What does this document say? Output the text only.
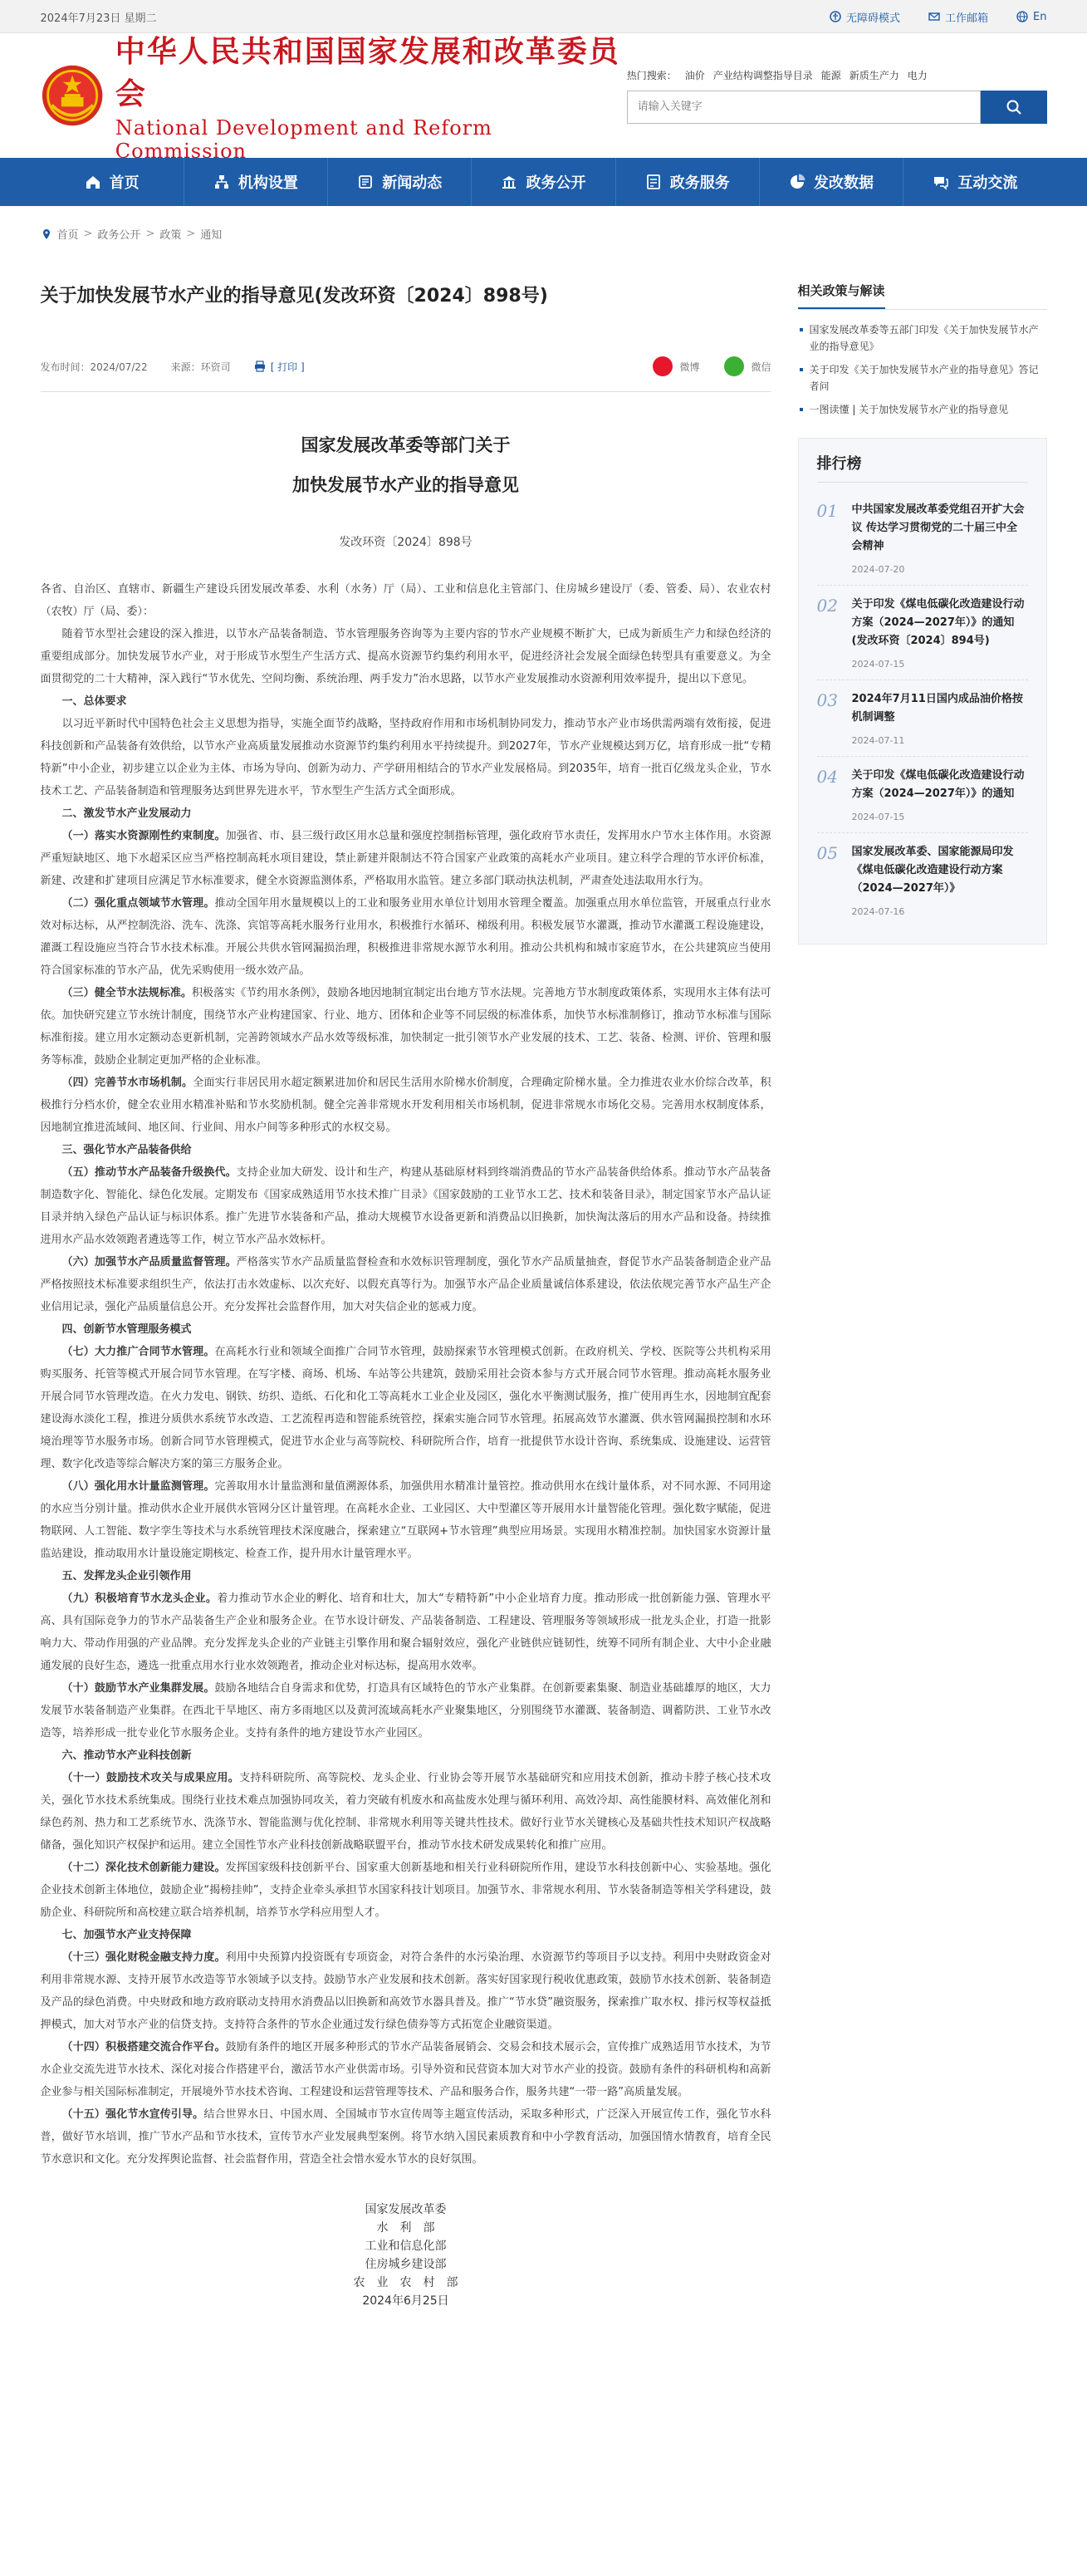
2024年7月23日 星期二	无障碍模式	工作邮箱	En
中华人民共和国国家发展和改革委员会
National Development and Reform Commission
热门搜索： 油价 产业结构调整指导目录 能源 新质生产力 电力
请输入关键字
首页	机构设置	新闻动态	政务公开	政务服务	发改数据	互动交流
首页 > 政务公开 > 政策 > 通知
关于加快发展节水产业的指导意见(发改环资〔2024〕898号)
发布时间：2024/07/22 来源：环资司	[ 打印 ]	微博	微信
国家发展改革委等部门关于
加快发展节水产业的指导意见
发改环资〔2024〕898号

各省、自治区、直辖市、新疆生产建设兵团发展改革委、水利（水务）厅（局）、工业和信息化主管部门、住房城乡建设厅（委、管委、局）、农业农村（农牧）厅（局、委）：

随着节水型社会建设的深入推进，以节水产品装备制造、节水管理服务咨询等为主要内容的节水产业规模不断扩大，已成为新质生产力和绿色经济的重要组成部分。加快发展节水产业，对于形成节水型生产生活方式、提高水资源节约集约利用水平，促进经济社会发展全面绿色转型具有重要意义。为全面贯彻党的二十大精神，深入践行“节水优先、空间均衡、系统治理、两手发力”治水思路，以节水产业发展推动水资源利用效率提升，提出以下意见。

一、总体要求

以习近平新时代中国特色社会主义思想为指导，实施全面节约战略，坚持政府作用和市场机制协同发力，推动节水产业市场供需两端有效衔接，促进科技创新和产品装备有效供给，以节水产业高质量发展推动水资源节约集约利用水平持续提升。到2027年，节水产业规模达到万亿，培育形成一批“专精特新”中小企业，初步建立以企业为主体、市场为导向、创新为动力、产学研用相结合的节水产业发展格局。到2035年，培育一批百亿级龙头企业，节水技术工艺、产品装备制造和管理服务达到世界先进水平，节水型生产生活方式全面形成。

二、激发节水产业发展动力

（一）落实水资源刚性约束制度。加强省、市、县三级行政区用水总量和强度控制指标管理，强化政府节水责任，发挥用水户节水主体作用。水资源严重短缺地区、地下水超采区应当严格控制高耗水项目建设，禁止新建并限制达不符合国家产业政策的高耗水产业项目。建立科学合理的节水评价标准，新建、改建和扩建项目应满足节水标准要求，健全水资源监测体系，严格取用水监管。建立多部门联动执法机制，严肃查处违法取用水行为。

（二）强化重点领域节水管理。推动全国年用水量规模以上的工业和服务业用水单位计划用水管理全覆盖。加强重点用水单位监管，开展重点行业水效对标达标，从严控制洗浴、洗车、洗涤、宾馆等高耗水服务行业用水，积极推行水循环、梯级利用。积极发展节水灌溉，推动节水灌溉工程设施建设，灌溉工程设施应当符合节水技术标准。开展公共供水管网漏损治理，积极推进非常规水源节水利用。推动公共机构和城市家庭节水，在公共建筑应当使用符合国家标准的节水产品，优先采购使用一级水效产品。

（三）健全节水法规标准。积极落实《节约用水条例》，鼓励各地因地制宜制定出台地方节水法规。完善地方节水制度政策体系，实现用水主体有法可依。加快研究建立节水统计制度，围绕节水产业构建国家、行业、地方、团体和企业等不同层级的标准体系，加快节水标准制修订，推动节水标准与国际标准衔接。建立用水定额动态更新机制，完善跨领域水产品水效等级标准，加快制定一批引领节水产业发展的技术、工艺、装备、检测、评价、管理和服务等标准，鼓励企业制定更加严格的企业标准。

（四）完善节水市场机制。全面实行非居民用水超定额累进加价和居民生活用水阶梯水价制度，合理确定阶梯水量。全力推进农业水价综合改革，积极推行分档水价，健全农业用水精准补贴和节水奖励机制。健全完善非常规水开发利用相关市场机制，促进非常规水市场化交易。完善用水权制度体系，因地制宜推进流域间、地区间、行业间、用水户间等多种形式的水权交易。

三、强化节水产品装备供给

（五）推动节水产品装备升级换代。支持企业加大研发、设计和生产，构建从基础原材料到终端消费品的节水产品装备供给体系。推动节水产品装备制造数字化、智能化、绿色化发展。定期发布《国家成熟适用节水技术推广目录》《国家鼓励的工业节水工艺、技术和装备目录》，制定国家节水产品认证目录并纳入绿色产品认证与标识体系。推广先进节水装备和产品，推动大规模节水设备更新和消费品以旧换新，加快淘汰落后的用水产品和设备。持续推进用水产品水效领跑者遴选等工作，树立节水产品水效标杆。

（六）加强节水产品质量监督管理。严格落实节水产品质量监督检查和水效标识管理制度，强化节水产品质量抽查，督促节水产品装备制造企业产品严格按照技术标准要求组织生产，依法打击水效虚标、以次充好、以假充真等行为。加强节水产品企业质量诚信体系建设，依法依规完善节水产品生产企业信用记录，强化产品质量信息公开。充分发挥社会监督作用，加大对失信企业的惩戒力度。

四、创新节水管理服务模式

（七）大力推广合同节水管理。在高耗水行业和领域全面推广合同节水管理，鼓励探索节水管理模式创新。在政府机关、学校、医院等公共机构采用购买服务、托管等模式开展合同节水管理。在写字楼、商场、机场、车站等公共建筑，鼓励采用社会资本参与方式开展合同节水管理。推动高耗水服务业开展合同节水管理改造。在火力发电、钢铁、纺织、造纸、石化和化工等高耗水工业企业及园区，强化水平衡测试服务，推广使用再生水，因地制宜配套建设海水淡化工程，推进分质供水系统节水改造、工艺流程再造和智能系统管控，探索实施合同节水管理。拓展高效节水灌溉、供水管网漏损控制和水环境治理等节水服务市场。创新合同节水管理模式，促进节水企业与高等院校、科研院所合作，培育一批提供节水设计咨询、系统集成、设施建设、运营管理、数字化改造等综合解决方案的第三方服务企业。

（八）强化用水计量监测管理。完善取用水计量监测和量值溯源体系，加强供用水精准计量管控。推动供用水在线计量体系，对不同水源、不同用途的水应当分别计量。推动供水企业开展供水管网分区计量管理。在高耗水企业、工业园区、大中型灌区等开展用水计量智能化管理。强化数字赋能，促进物联网、人工智能、数字孪生等技术与水系统管理技术深度融合，探索建立“互联网+节水管理”典型应用场景。实现用水精准控制。加快国家水资源计量监站建设，推动取用水计量设施定期核定、检查工作，提升用水计量管理水平。

五、发挥龙头企业引领作用

（九）积极培育节水龙头企业。着力推动节水企业的孵化、培育和壮大，加大“专精特新”中小企业培育力度。推动形成一批创新能力强、管理水平高、具有国际竞争力的节水产品装备生产企业和服务企业。在节水设计研发、产品装备制造、工程建设、管理服务等领域形成一批龙头企业，打造一批影响力大、带动作用强的产业品牌。充分发挥龙头企业的产业链主引擎作用和聚合辐射效应，强化产业链供应链韧性，统筹不同所有制企业、大中小企业融通发展的良好生态，遴选一批重点用水行业水效领跑者，推动企业对标达标，提高用水效率。

（十）鼓励节水产业集群发展。鼓励各地结合自身需求和优势，打造具有区域特色的节水产业集群。在创新要素集聚、制造业基础雄厚的地区，大力发展节水装备制造产业集群。在西北干旱地区、南方多雨地区以及黄河流域高耗水产业聚集地区，分别围绕节水灌溉、装备制造、调蓄防洪、工业节水改造等，培养形成一批专业化节水服务企业。支持有条件的地方建设节水产业园区。

六、推动节水产业科技创新

（十一）鼓励技术攻关与成果应用。支持科研院所、高等院校、龙头企业、行业协会等开展节水基础研究和应用技术创新，推动卡脖子核心技术攻关，强化节水技术系统集成。围绕行业技术难点加强协同攻关，着力突破有机废水和高盐废水处理与循环利用、高效冷却、高性能膜材料、高效催化剂和绿色药剂、热力和工艺系统节水、洗涤节水、智能监测与优化控制、非常规水利用等关键共性技术。做好行业节水关键核心及基础共性技术知识产权战略储备，强化知识产权保护和运用。建立全国性节水产业科技创新战略联盟平台，推动节水技术研发成果转化和推广应用。

（十二）深化技术创新能力建设。发挥国家级科技创新平台、国家重大创新基地和相关行业科研院所作用，建设节水科技创新中心、实验基地。强化企业技术创新主体地位，鼓励企业“揭榜挂帅”，支持企业牵头承担节水国家科技计划项目。加强节水、非常规水利用、节水装备制造等相关学科建设，鼓励企业、科研院所和高校建立联合培养机制，培养节水学科应用型人才。

七、加强节水产业支持保障

（十三）强化财税金融支持力度。利用中央预算内投资既有专项资金，对符合条件的水污染治理、水资源节约等项目予以支持。利用中央财政资金对利用非常规水源、支持开展节水改造等节水领域予以支持。鼓励节水产业发展和技术创新。落实好国家现行税收优惠政策，鼓励节水技术创新、装备制造及产品的绿色消费。中央财政和地方政府联动支持用水消费品以旧换新和高效节水器具普及。推广“节水贷”融资服务，探索推广取水权、排污权等权益抵押模式，加大对节水产业的信贷支持。支持符合条件的节水企业通过发行绿色债券等方式拓宽企业融资渠道。

（十四）积极搭建交流合作平台。鼓励有条件的地区开展多种形式的节水产品装备展销会、交易会和技术展示会，宣传推广成熟适用节水技术，为节水企业交流先进节水技术、深化对接合作搭建平台，激活节水产业供需市场。引导外资和民营资本加大对节水产业的投资。鼓励有条件的科研机构和高新企业参与相关国际标准制定，开展境外节水技术咨询、工程建设和运营管理等技术、产品和服务合作，服务共建“一带一路”高质量发展。

（十五）强化节水宣传引导。结合世界水日、中国水周、全国城市节水宣传周等主题宣传活动，采取多种形式，广泛深入开展宣传工作，强化节水科普，做好节水培训，推广节水产品和节水技术，宣传节水产业发展典型案例。将节水纳入国民素质教育和中小学教育活动，加强国情水情教育，培育全民节水意识和文化。充分发挥舆论监督、社会监督作用，营造全社会惜水爱水节水的良好氛围。

国家发展改革委
水　利　部
工业和信息化部
住房城乡建设部
农　业　农　村　部
2024年6月25日
相关政策与解读
国家发展改革委等五部门印发《关于加快发展节水产业的指导意见》
关于印发《关于加快发展节水产业的指导意见》答记者问
一图读懂 | 关于加快发展节水产业的指导意见
排行榜
01 中共国家发展改革委党组召开扩大会议 传达学习贯彻党的二十届三中全会精神
2024-07-20
02 关于印发《煤电低碳化改造建设行动方案（2024—2027年）》的通知(发改环资〔2024〕894号)
2024-07-15
03 2024年7月11日国内成品油价格按机制调整
2024-07-11
04 关于印发《煤电低碳化改造建设行动方案（2024—2027年）》的通知
2024-07-15
05 国家发展改革委、国家能源局印发《煤电低碳化改造建设行动方案（2024—2027年）》
2024-07-16
